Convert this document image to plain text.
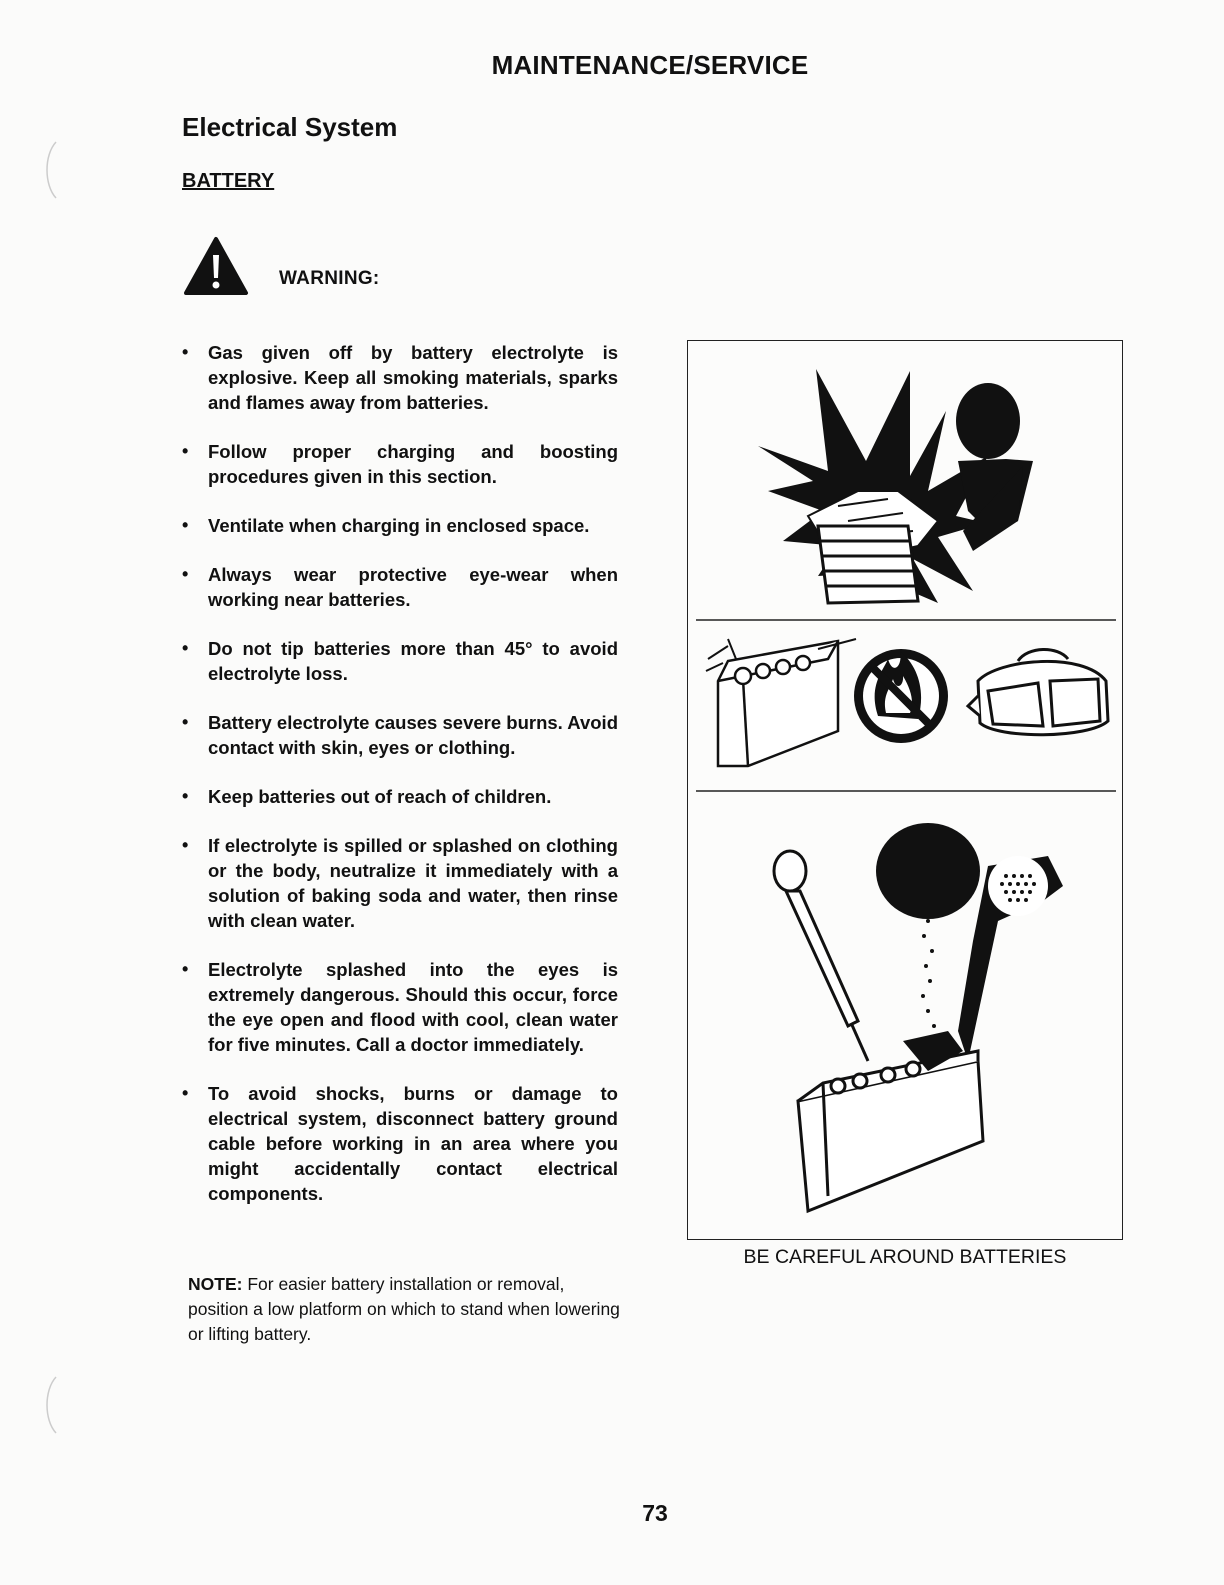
MAINTENANCE/SERVICE
Electrical System
BATTERY
WARNING:
•	Gas given off by battery electrolyte is explosive. Keep all smoking materials, sparks and flames away from batteries.
•	Follow proper charging and boosting procedures given in this section.
•	Ventilate when charging in enclosed space.
•	Always wear protective eye-wear when working near batteries.
•	Do not tip batteries more than 45° to avoid electrolyte loss.
•	Battery electrolyte causes severe burns. Avoid contact with skin, eyes or clothing.
•	Keep batteries out of reach of children.
•	If electrolyte is spilled or splashed on clothing or the body, neutralize it immediately with a solution of baking soda and water, then rinse with clean water.
•	Electrolyte splashed into the eyes is extremely dangerous. Should this occur, force the eye open and flood with cool, clean water for five minutes. Call a doctor immediately.
•	To avoid shocks, burns or damage to electrical system, disconnect battery ground cable before working in an area where you might accidentally contact electrical components.
NOTE: For easier battery installation or removal, position a low platform on which to stand when lowering or lifting battery.
BE CAREFUL AROUND BATTERIES
73
